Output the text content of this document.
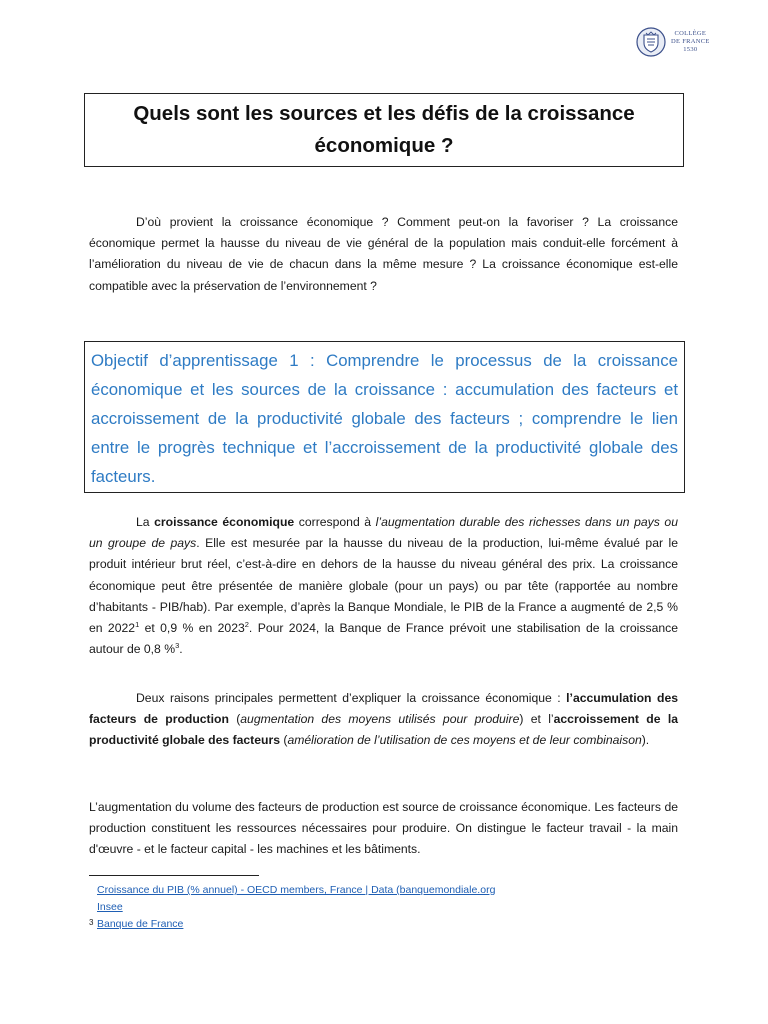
COLLÈGE
DE FRANCE
1530
Quels sont les sources et les défis de la croissance économique ?

D’où provient la croissance économique ? Comment peut-on la favoriser ? La croissance économique permet la hausse du niveau de vie général de la population mais conduit-elle forcément à l’amélioration du niveau de vie de chacun dans la même mesure ? La croissance économique est-elle compatible avec la préservation de l’environnement ?

Objectif d’apprentissage 1 : Comprendre le processus de la croissance économique et les sources de la croissance : accumulation des facteurs et accroissement de la productivité globale des facteurs ; comprendre le lien entre le progrès technique et l’accroissement de la productivité globale des facteurs.

La croissance économique correspond à l’augmentation durable des richesses dans un pays ou un groupe de pays. Elle est mesurée par la hausse du niveau de la production, lui-même évalué par le produit intérieur brut réel, c’est-à-dire en dehors de la hausse du niveau général des prix. La croissance économique peut être présentée de manière globale (pour un pays) ou par tête (rapportée au nombre d’habitants - PIB/hab). Par exemple, d’après la Banque Mondiale, le PIB de la France a augmenté de 2,5 % en 2022$^1$ et 0,9 % en 2023$^2$. Pour 2024, la Banque de France prévoit une stabilisation de la croissance autour de 0,8 %$^3$.

Deux raisons principales permettent d’expliquer la croissance économique : l’accumulation des facteurs de production (augmentation des moyens utilisés pour produire) et l’accroissement de la productivité globale des facteurs (amélioration de l’utilisation de ces moyens et de leur combinaison).

L’augmentation du volume des facteurs de production est source de croissance économique. Les facteurs de production constituent les ressources nécessaires pour produire. On distingue le facteur travail - la main d'œuvre - et le facteur capital - les machines et les bâtiments.

Croissance du PIB (% annuel) - OECD members, France | Data (banquemondiale.org
Insee
3 Banque de France
